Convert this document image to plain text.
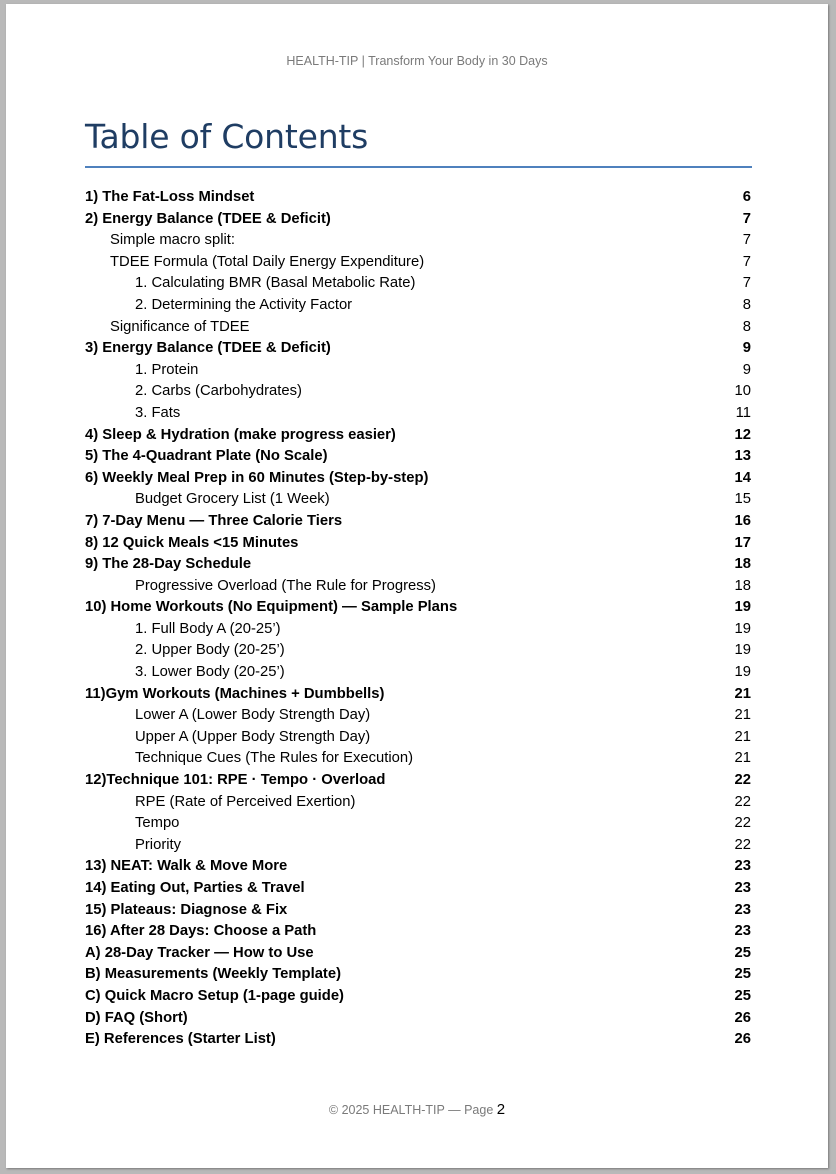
HEALTH-TIP | Transform Your Body in 30 Days
Table of Contents
1) The Fat-Loss Mindset	6
2) Energy Balance (TDEE & Deficit)	7
Simple macro split:	7
TDEE Formula (Total Daily Energy Expenditure)	7
1. Calculating BMR (Basal Metabolic Rate)	7
2. Determining the Activity Factor	8
Significance of TDEE	8
3) Energy Balance (TDEE & Deficit)	9
1. Protein	9
2. Carbs (Carbohydrates)	10
3. Fats	11
4) Sleep & Hydration (make progress easier)	12
5) The 4-Quadrant Plate (No Scale)	13
6) Weekly Meal Prep in 60 Minutes (Step-by-step)	14
Budget Grocery List (1 Week)	15
7) 7-Day Menu — Three Calorie Tiers	16
8) 12 Quick Meals <15 Minutes	17
9) The 28-Day Schedule	18
Progressive Overload (The Rule for Progress)	18
10) Home Workouts (No Equipment) — Sample Plans	19
1. Full Body A (20-25’)	19
2. Upper Body (20-25’)	19
3. Lower Body (20-25’)	19
11)Gym Workouts (Machines + Dumbbells)	21
Lower A (Lower Body Strength Day)	21
Upper A (Upper Body Strength Day)	21
Technique Cues (The Rules for Execution)	21
12)Technique 101: RPE · Tempo · Overload	22
RPE (Rate of Perceived Exertion)	22
Tempo	22
Priority	22
13) NEAT: Walk & Move More	23
14) Eating Out, Parties & Travel	23
15) Plateaus: Diagnose & Fix	23
16) After 28 Days: Choose a Path	23
A) 28-Day Tracker — How to Use	25
B) Measurements (Weekly Template)	25
C) Quick Macro Setup (1-page guide)	25
D) FAQ (Short)	26
E) References (Starter List)	26
© 2025 HEALTH-TIP — Page 2
